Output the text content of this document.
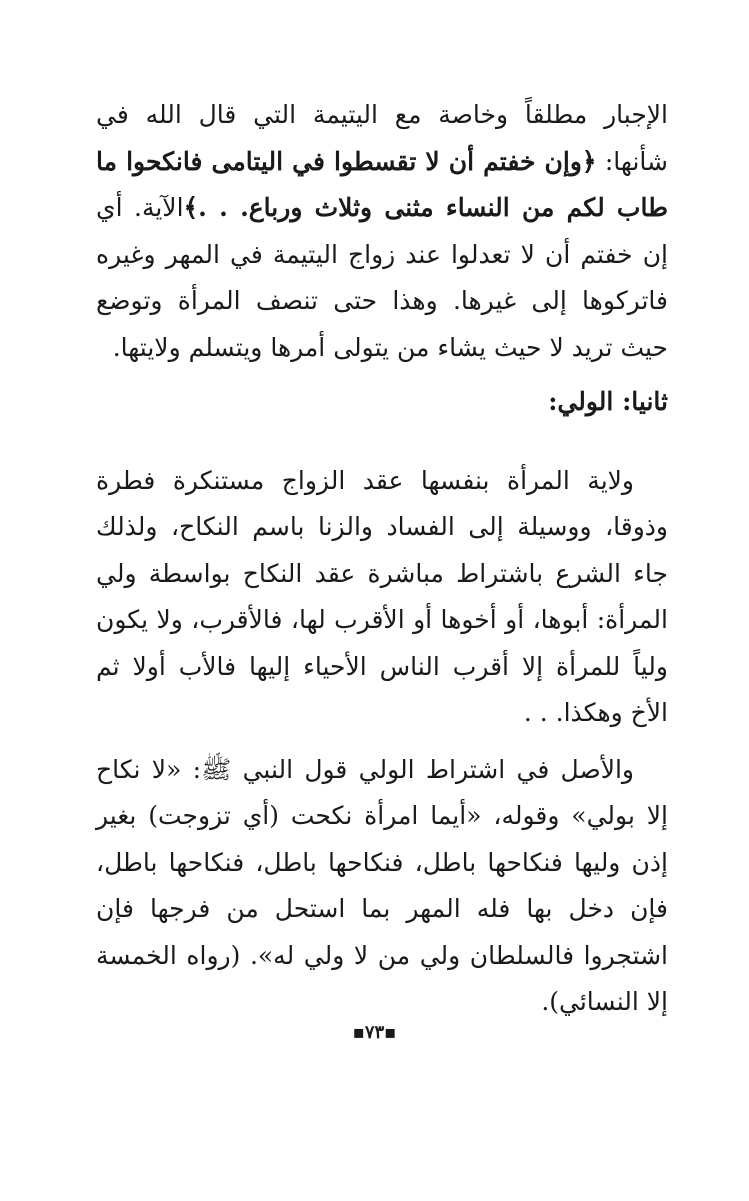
الإجبار مطلقاً وخاصة مع اليتيمة التي قال الله في شأنها: ﴿وإن خفتم أن لا تقسطوا في اليتامى فانكحوا ما طاب لكم من النساء مثنى وثلاث ورباع. . .﴾الآية. أي إن خفتم أن لا تعدلوا عند زواج اليتيمة في المهر وغيره فاتركوها إلى غيرها. وهذا حتى تنصف المرأة وتوضع حيث تريد لا حيث يشاء من يتولى أمرها ويتسلم ولايتها.

ثانيا: الولي:

ولاية المرأة بنفسها عقد الزواج مستنكرة فطرة وذوقا، ووسيلة إلى الفساد والزنا باسم النكاح، ولذلك جاء الشرع باشتراط مباشرة عقد النكاح بواسطة ولي المرأة: أبوها، أو أخوها أو الأقرب لها، فالأقرب، ولا يكون ولياً للمرأة إلا أقرب الناس الأحياء إليها فالأب أولا ثم الأخ وهكذا. . .

والأصل في اشتراط الولي قول النبي ﷺ: «لا نكاح إلا بولي» وقوله، «أيما امرأة نكحت (أي تزوجت) بغير إذن وليها فنكاحها باطل، فنكاحها باطل، فنكاحها باطل، فإن دخل بها فله المهر بما استحل من فرجها فإن اشتجروا فالسلطان ولي من لا ولي له». (رواه الخمسة إلا النسائي).

▪٧٣▪
